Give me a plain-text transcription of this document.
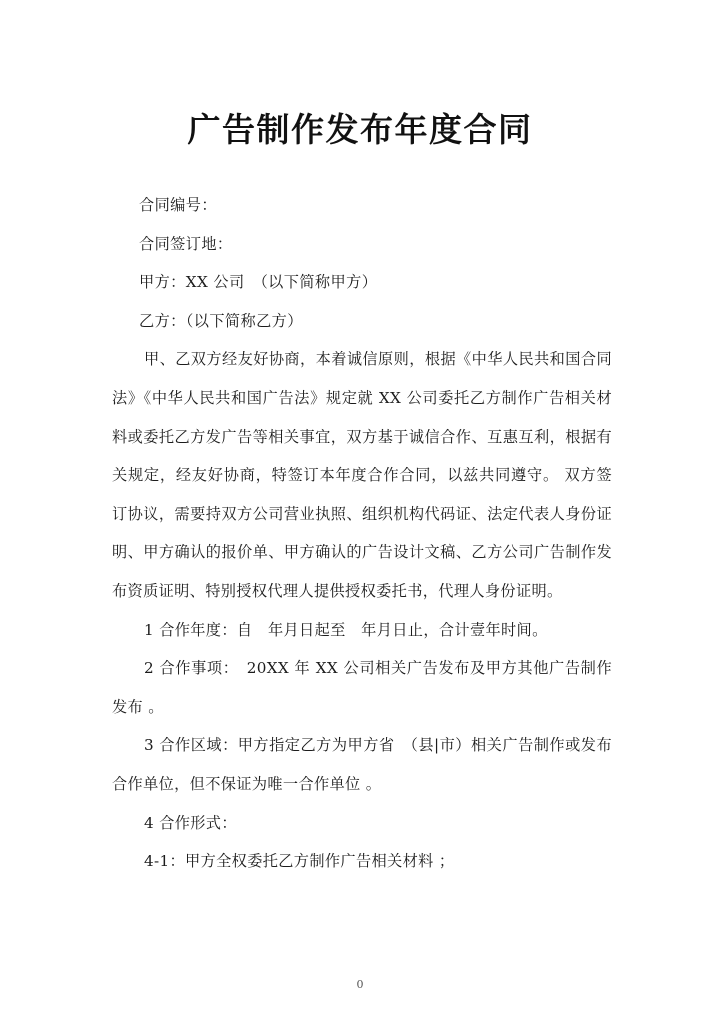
广告制作发布年度合同
合同编号：
合同签订地：
甲方：XX 公司　（以下简称甲方）
乙方：（以下简称乙方）
甲、乙双方经友好协商，本着诚信原则，根据《中华人民共和国合同法》《中华人民共和国广告法》规定就 XX 公司委托乙方制作广告相关材料或委托乙方发广告等相关事宜，双方基于诚信合作、互惠互利，根据有关规定，经友好协商，特签订本年度合作合同，以兹共同遵守。 双方签订协议，需要持双方公司营业执照、组织机构代码证、法定代表人身份证明、甲方确认的报价单、甲方确认的广告设计文稿、乙方公司广告制作发布资质证明、特别授权代理人提供授权委托书，代理人身份证明。
1 合作年度：自　年月日起至　年月日止，合计壹年时间。
2 合作事项：　20XX 年 XX 公司相关广告发布及甲方其他广告制作发布 。
3 合作区域：甲方指定乙方为甲方省　（县|市）相关广告制作或发布合作单位，但不保证为唯一合作单位 。
4 合作形式：
4-1：甲方全权委托乙方制作广告相关材料 ；
0
